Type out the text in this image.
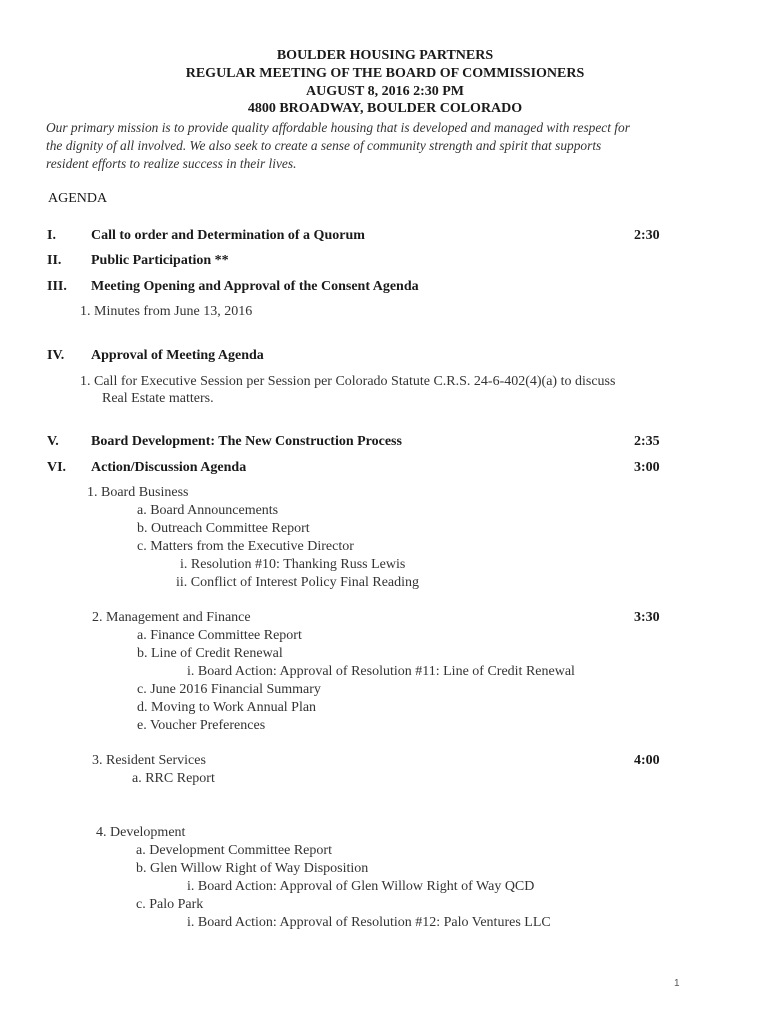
BOULDER HOUSING PARTNERS
REGULAR MEETING OF THE BOARD OF COMMISSIONERS
AUGUST 8, 2016 2:30 PM
4800 BROADWAY, BOULDER COLORADO
Our primary mission is to provide quality affordable housing that is developed and managed with respect for
the dignity of all involved. We also seek to create a sense of community strength and spirit that supports
resident efforts to realize success in their lives.
AGENDA
I.	Call to order and Determination of a Quorum	2:30
II. Public Participation **
III. Meeting Opening and Approval of the Consent Agenda
1. Minutes from June 13, 2016
IV. Approval of Meeting Agenda
1. Call for Executive Session per Session per Colorado Statute C.R.S. 24-6-402(4)(a) to discuss
Real Estate matters.
V. Board Development: The New Construction Process	2:35
VI. Action/Discussion Agenda	3:00
1. Board Business
a. Board Announcements
b. Outreach Committee Report
c. Matters from the Executive Director
i. Resolution #10: Thanking Russ Lewis
ii. Conflict of Interest Policy Final Reading
2. Management and Finance	3:30
a. Finance Committee Report
b. Line of Credit Renewal
i. Board Action: Approval of Resolution #11: Line of Credit Renewal
c. June 2016 Financial Summary
d. Moving to Work Annual Plan
e. Voucher Preferences
3. Resident Services	4:00
a. RRC Report
4. Development
a. Development Committee Report
b. Glen Willow Right of Way Disposition
i. Board Action: Approval of Glen Willow Right of Way QCD
c. Palo Park
i. Board Action: Approval of Resolution #12: Palo Ventures LLC
1
